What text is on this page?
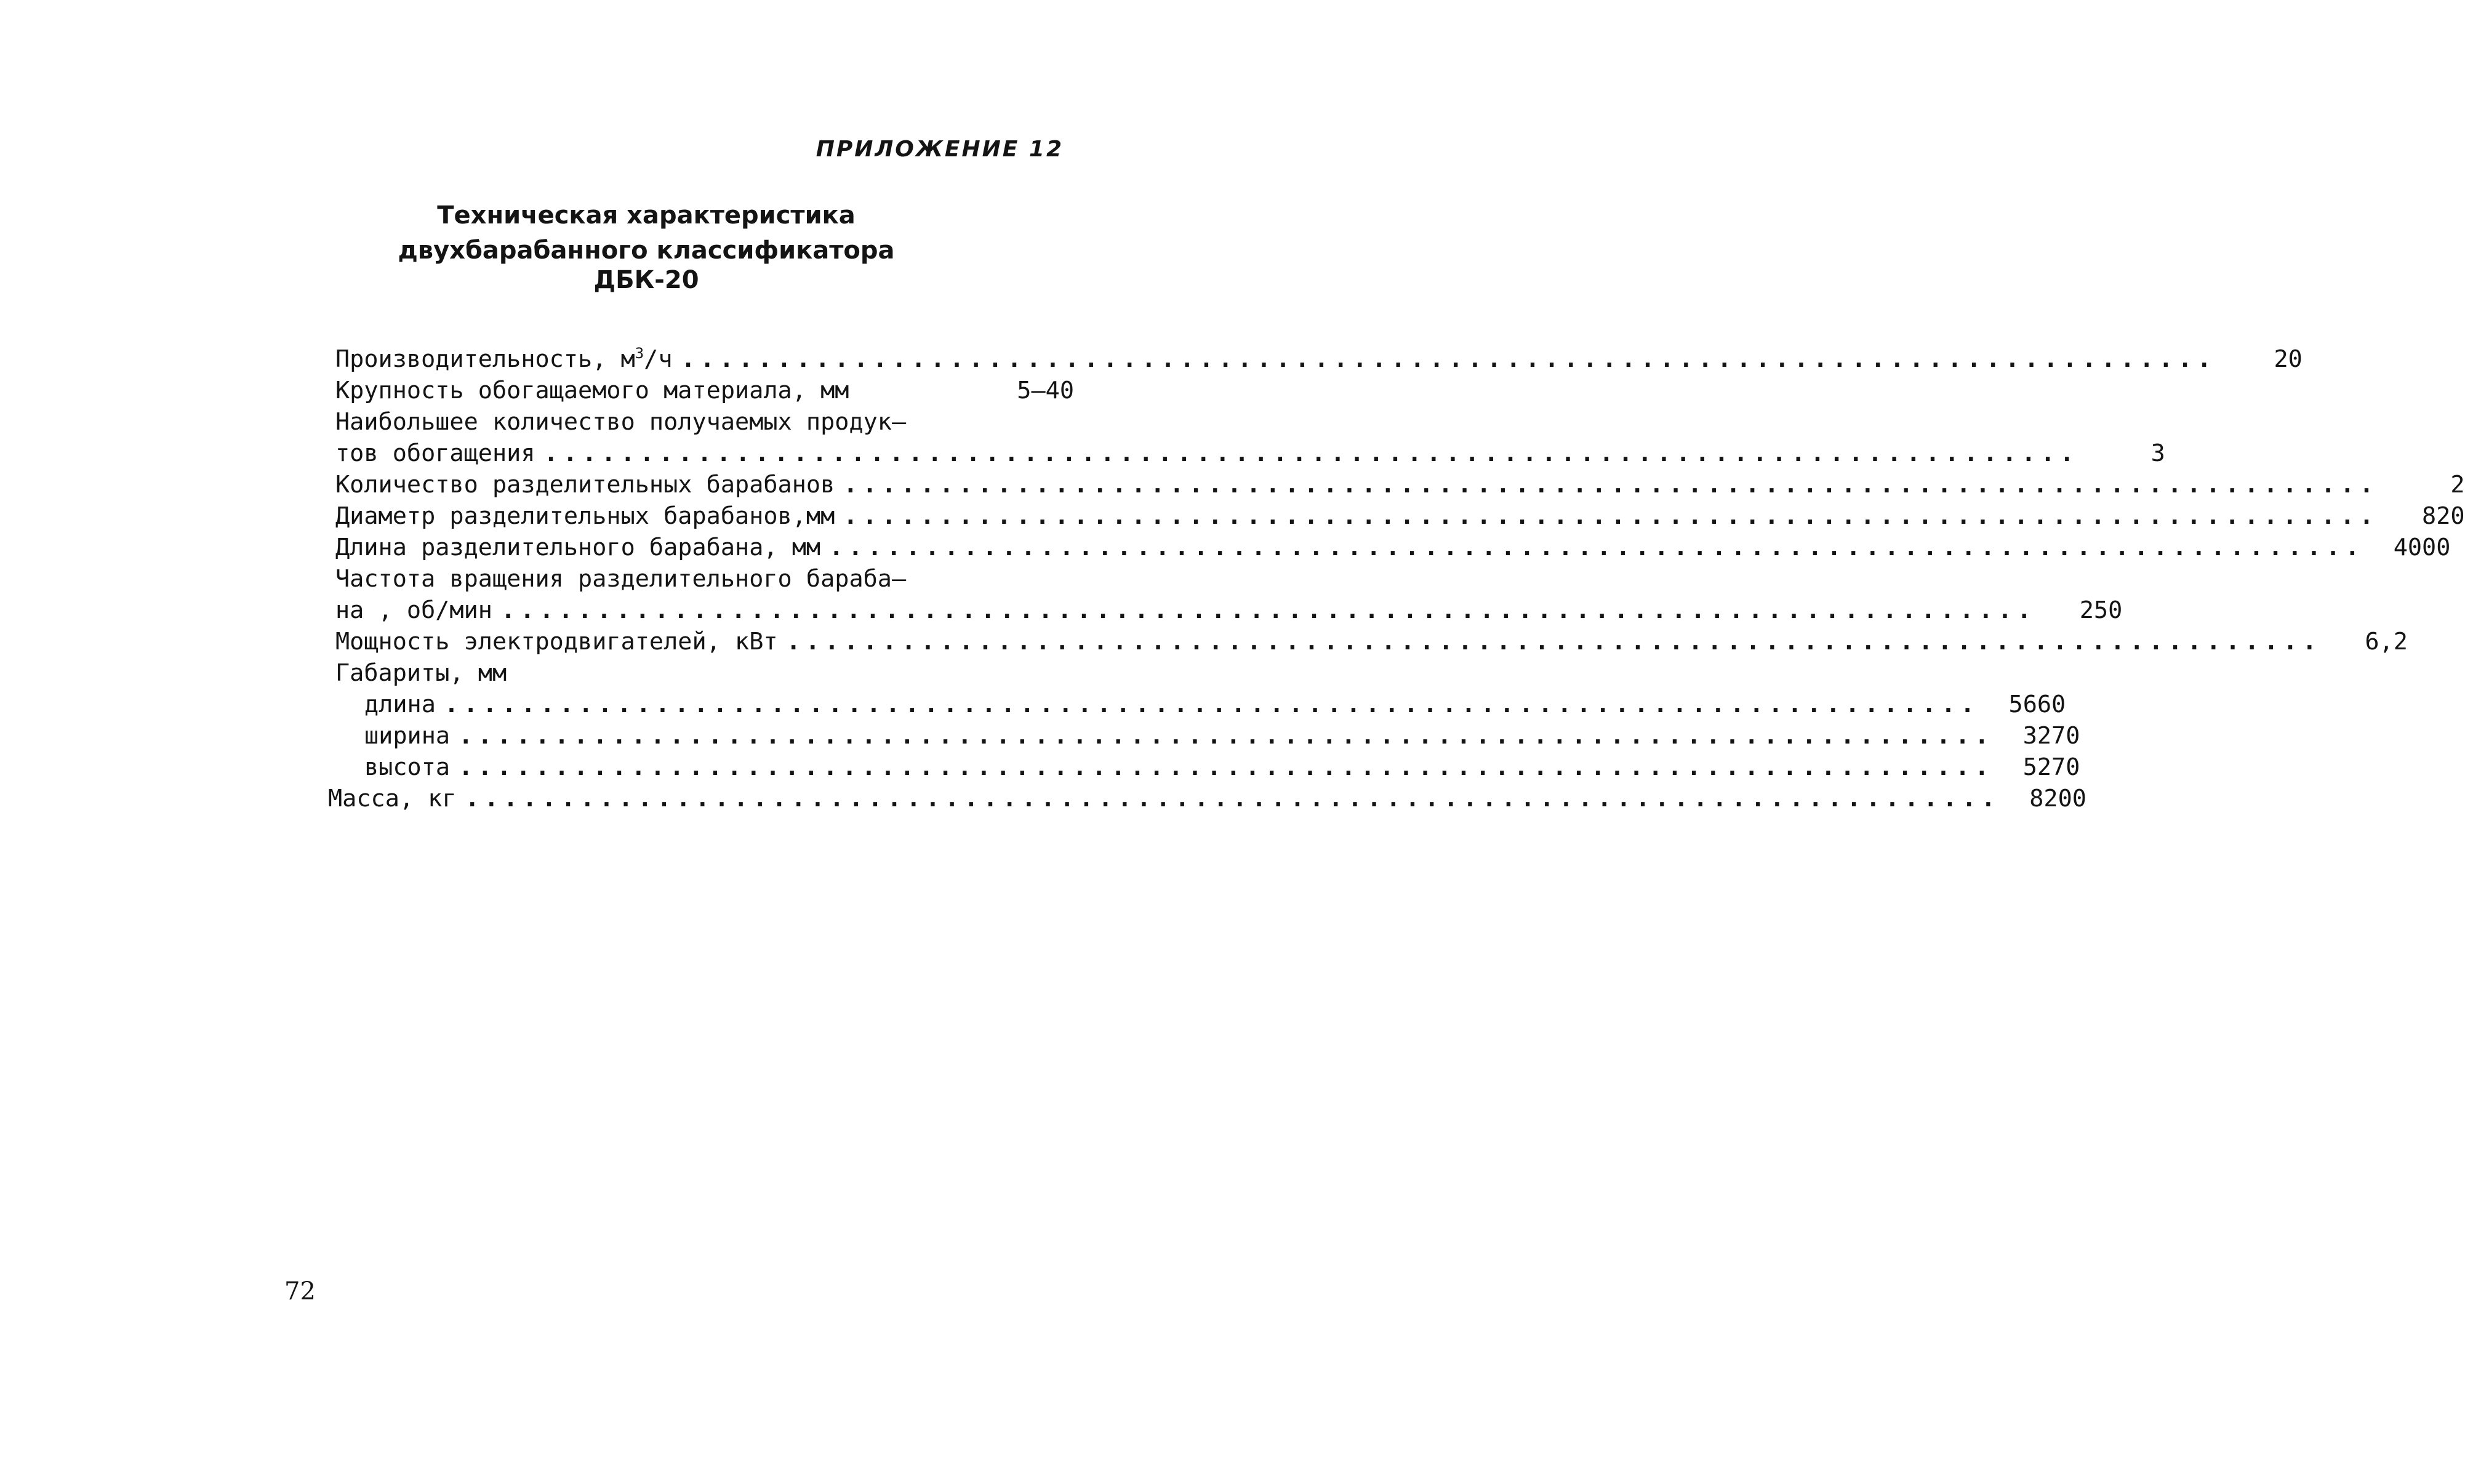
ПРИЛОЖЕНИЕ 12
Техническая характеристика
двухбарабанного классификатора ДБК-20
Производительность, $м^3/ч$ ................................................................................	20
Крупность обогащаемого материала, мм	5–40
Наибольшее количество получаемых продук–
тов обогащения ................................................................................	3
Количество разделительных барабанов ................................................................................	2
Диаметр разделительных барабанов,мм ................................................................................	820
Длина разделительного барабана, мм ................................................................................	4000
Частота вращения разделительного бараба–
на , об/мин ................................................................................	250
Мощность электродвигателей, кВт ................................................................................	6,2
Габариты, мм
длина ................................................................................	5660
ширина ................................................................................	3270
высота ................................................................................	5270
Масса, кг ................................................................................	8200
72
